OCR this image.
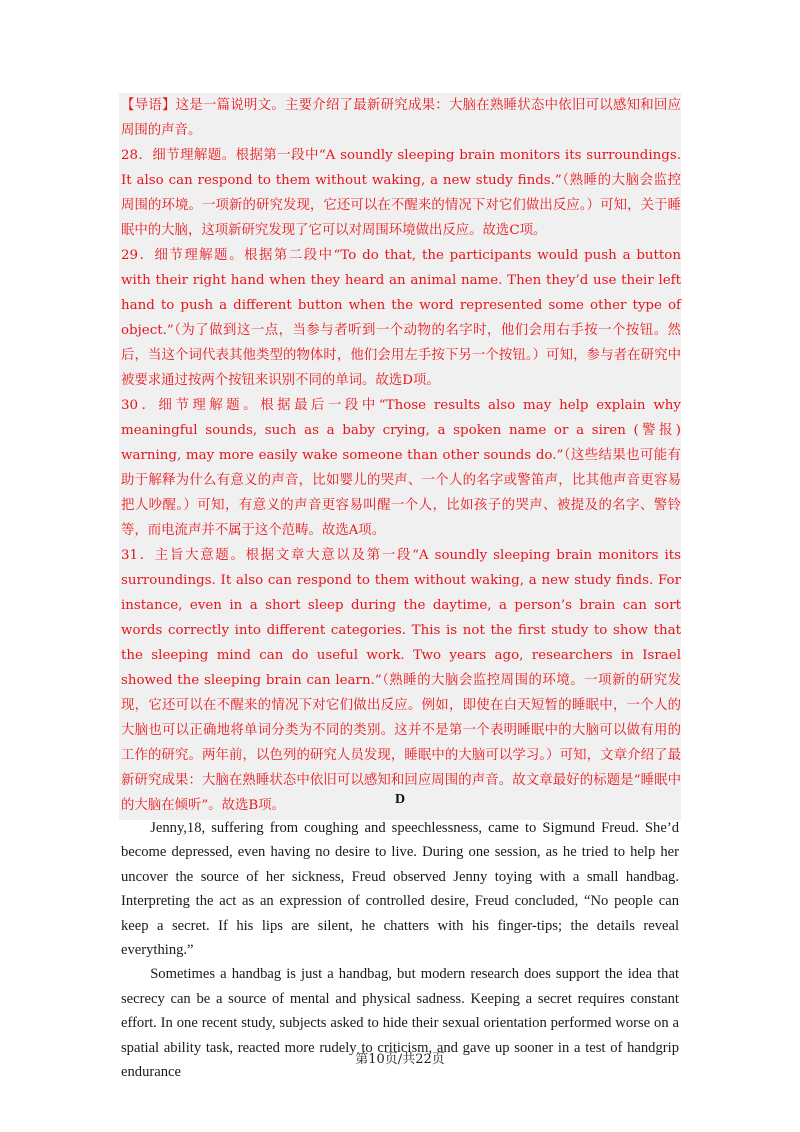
【导语】这是一篇说明文。主要介绍了最新研究成果：大脑在熟睡状态中依旧可以感知和回应周围的声音。

28．细节理解题。根据第一段中“A soundly sleeping brain monitors its surroundings. It also can respond to them without waking, a new study finds.”（熟睡的大脑会监控周围的环境。一项新的研究发现，它还可以在不醒来的情况下对它们做出反应。）可知，关于睡眠中的大脑，这项新研究发现了它可以对周围环境做出反应。故选C项。

29．细节理解题。根据第二段中“To do that, the participants would push a button with their right hand when they heard an animal name. Then they’d use their left hand to push a different button when the word represented some other type of object.”（为了做到这一点，当参与者听到一个动物的名字时，他们会用右手按一个按钮。然后，当这个词代表其他类型的物体时，他们会用左手按下另一个按钮。）可知，参与者在研究中被要求通过按两个按钮来识别不同的单词。故选D项。

30．细节理解题。根据最后一段中“Those results also may help explain why meaningful sounds, such as a baby crying, a spoken name or a siren (警报) warning, may more easily wake someone than other sounds do.”（这些结果也可能有助于解释为什么有意义的声音，比如婴儿的哭声、一个人的名字或警笛声，比其他声音更容易把人吵醒。）可知，有意义的声音更容易叫醒一个人，比如孩子的哭声、被提及的名字、警铃等，而电流声并不属于这个范畴。故选A项。

31．主旨大意题。根据文章大意以及第一段“A soundly sleeping brain monitors its surroundings. It also can respond to them without waking, a new study finds. For instance, even in a short sleep during the daytime, a person’s brain can sort words correctly into different categories. This is not the first study to show that the sleeping mind can do useful work. Two years ago, researchers in Israel showed the sleeping brain can learn.”（熟睡的大脑会监控周围的环境。一项新的研究发现，它还可以在不醒来的情况下对它们做出反应。例如，即使在白天短暂的睡眠中，一个人的大脑也可以正确地将单词分类为不同的类别。这并不是第一个表明睡眠中的大脑可以做有用的工作的研究。两年前，以色列的研究人员发现，睡眠中的大脑可以学习。）可知，文章介绍了最新研究成果：大脑在熟睡状态中依旧可以感知和回应周围的声音。故文章最好的标题是“睡眠中的大脑在倾听”。故选B项。	D

Jenny,18, suffering from coughing and speechlessness, came to Sigmund Freud. She’d become depressed, even having no desire to live. During one session, as he tried to help her uncover the source of her sickness, Freud observed Jenny toying with a small handbag. Interpreting the act as an expression of controlled desire, Freud concluded, “No people can keep a secret. If his lips are silent, he chatters with his finger-tips; the details reveal everything.”

Sometimes a handbag is just a handbag, but modern research does support the idea that secrecy can be a source of mental and physical sadness. Keeping a secret requires constant effort. In one recent study, subjects asked to hide their sexual orientation performed worse on a spatial ability task, reacted more rudely to criticism, and gave up sooner in a test of handgrip endurance

第10页/共22页
